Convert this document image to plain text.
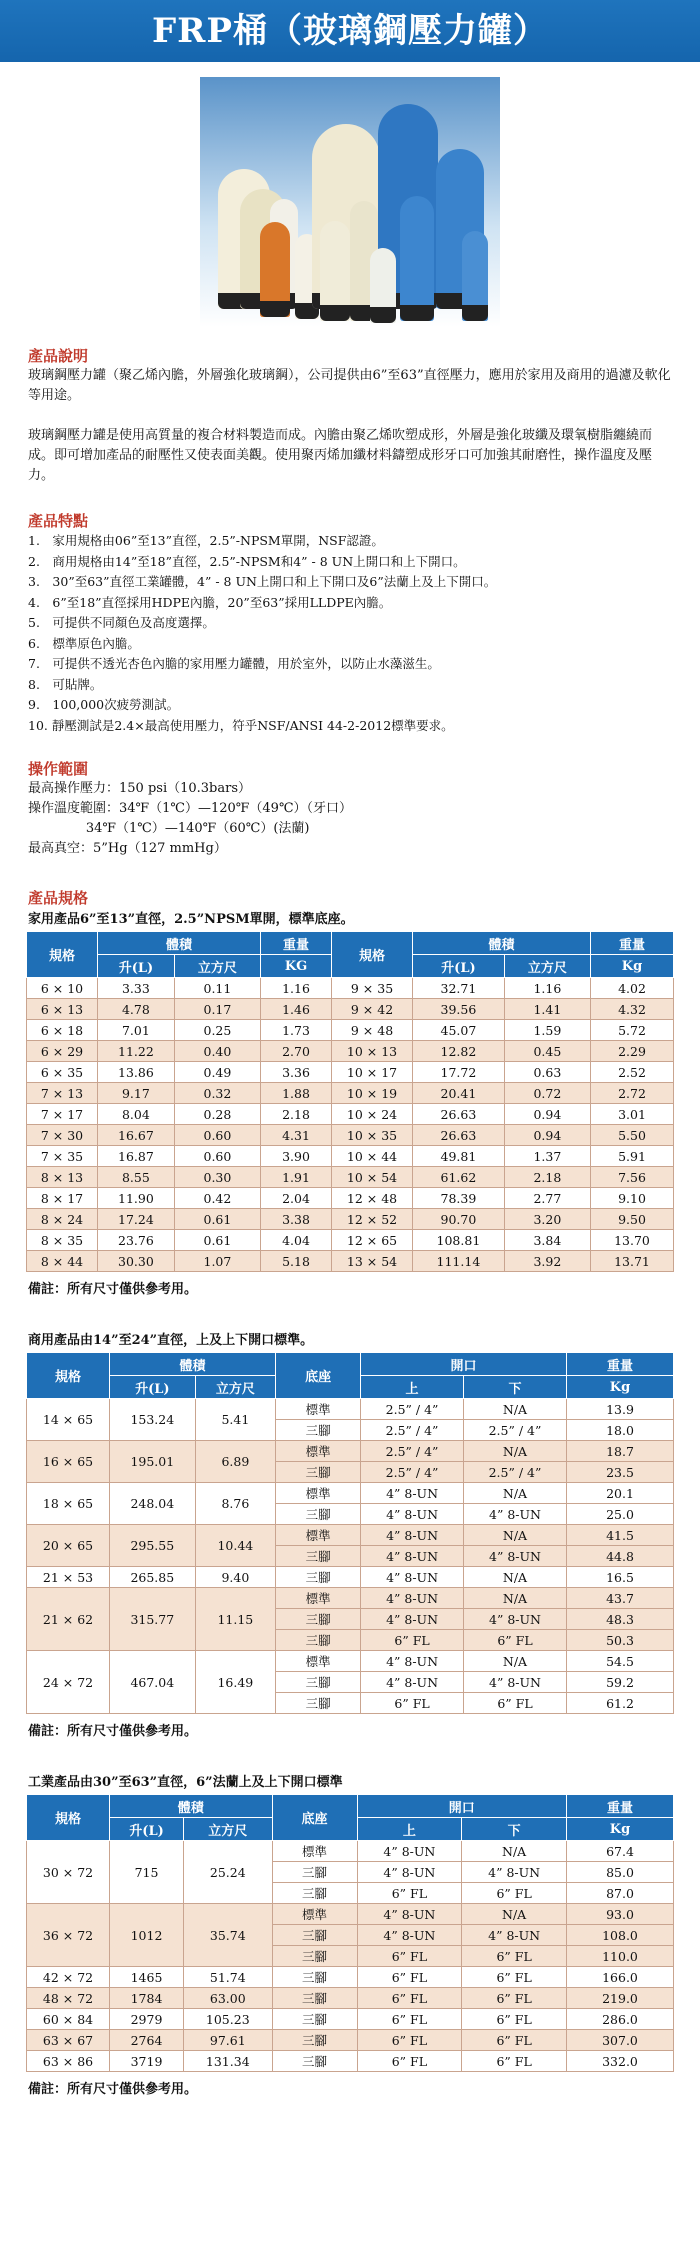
FRP桶（玻璃鋼壓力罐）

產品說明

玻璃鋼壓力罐（聚乙烯內膽，外層強化玻璃鋼），公司提供由6”至63”直徑壓力，應用於家用及商用的過濾及軟化等用途。

玻璃鋼壓力罐是使用高質量的複合材料製造而成。內膽由聚乙烯吹塑成形，外層是強化玻纖及環氧樹脂纏繞而成。即可增加產品的耐壓性又使表面美觀。使用聚丙烯加纖材料鑄塑成形牙口可加強其耐磨性，操作溫度及壓力。

產品特點

1.　家用規格由06”至13”直徑，2.5”-NPSM單開，NSF認證。
2.　商用規格由14”至18”直徑，2.5”-NPSM和4” - 8 UN上開口和上下開口。
3.　30”至63”直徑工業罐體，4” - 8 UN上開口和上下開口及6”法蘭上及上下開口。
4.　6”至18”直徑採用HDPE內膽，20”至63”採用LLDPE內膽。
5.　可提供不同顏色及高度選擇。
6.　標準原色內膽。
7.　可提供不透光杏色內膽的家用壓力罐體，用於室外，以防止水藻滋生。
8.　可貼牌。
9.　100,000次疲勞測試。
10. 靜壓測試是2.4×最高使用壓力，符乎NSF/ANSI 44-2-2012標準要求。

操作範圍

最高操作壓力：150 psi（10.3bars）
操作溫度範圍：34℉（1℃）—120℉（49℃）（牙口）
34℉（1℃）—140℉（60℃）(法蘭)
最高真空：5”Hg（127 mmHg）

產品規格

家用產品6”至13”直徑，2.5”NPSM單開，標準底座。
規格	體積		重量	規格	體積		重量
	升(L)	立方尺	KG		升(L)	立方尺	Kg
6 × 10	3.33	0.11	1.16	9 × 35	32.71	1.16	4.02
6 × 13	4.78	0.17	1.46	9 × 42	39.56	1.41	4.32
6 × 18	7.01	0.25	1.73	9 × 48	45.07	1.59	5.72
6 × 29	11.22	0.40	2.70	10 × 13	12.82	0.45	2.29
6 × 35	13.86	0.49	3.36	10 × 17	17.72	0.63	2.52
7 × 13	9.17	0.32	1.88	10 × 19	20.41	0.72	2.72
7 × 17	8.04	0.28	2.18	10 × 24	26.63	0.94	3.01
7 × 30	16.67	0.60	4.31	10 × 35	26.63	0.94	5.50
7 × 35	16.87	0.60	3.90	10 × 44	49.81	1.37	5.91
8 × 13	8.55	0.30	1.91	10 × 54	61.62	2.18	7.56
8 × 17	11.90	0.42	2.04	12 × 48	78.39	2.77	9.10
8 × 24	17.24	0.61	3.38	12 × 52	90.70	3.20	9.50
8 × 35	23.76	0.61	4.04	12 × 65	108.81	3.84	13.70
8 × 44	30.30	1.07	5.18	13 × 54	111.14	3.92	13.71
備註：所有尺寸僅供參考用。
商用產品由14”至24”直徑，上及上下開口標準。
規格	體積		底座	開口		重量
	升(L)	立方尺		上	下	Kg
14 × 65	153.24	5.41	標準	2.5” / 4”	N/A	13.9
			三腳	2.5” / 4”	2.5” / 4”	18.0
16 × 65	195.01	6.89	標準	2.5” / 4”	N/A	18.7
			三腳	2.5” / 4”	2.5” / 4”	23.5
18 × 65	248.04	8.76	標準	4” 8-UN	N/A	20.1
			三腳	4” 8-UN	4” 8-UN	25.0
20 × 65	295.55	10.44	標準	4” 8-UN	N/A	41.5
			三腳	4” 8-UN	4” 8-UN	44.8
21 × 53	265.85	9.40	三腳	4” 8-UN	N/A	16.5
21 × 62	315.77	11.15	標準	4” 8-UN	N/A	43.7
			三腳	4” 8-UN	4” 8-UN	48.3
			三腳	6” FL	6” FL	50.3
24 × 72	467.04	16.49	標準	4” 8-UN	N/A	54.5
			三腳	4” 8-UN	4” 8-UN	59.2
			三腳	6” FL	6” FL	61.2
備註：所有尺寸僅供參考用。
工業產品由30”至63”直徑，6”法蘭上及上下開口標準
規格	體積		底座	開口		重量
	升(L)	立方尺		上	下	Kg
30 × 72	715	25.24	標準	4” 8-UN	N/A	67.4
			三腳	4” 8-UN	4” 8-UN	85.0
			三腳	6” FL	6” FL	87.0
36 × 72	1012	35.74	標準	4” 8-UN	N/A	93.0
			三腳	4” 8-UN	4” 8-UN	108.0
			三腳	6” FL	6” FL	110.0
42 × 72	1465	51.74	三腳	6” FL	6” FL	166.0
48 × 72	1784	63.00	三腳	6” FL	6” FL	219.0
60 × 84	2979	105.23	三腳	6” FL	6” FL	286.0
63 × 67	2764	97.61	三腳	6” FL	6” FL	307.0
63 × 86	3719	131.34	三腳	6” FL	6” FL	332.0
備註：所有尺寸僅供參考用。
